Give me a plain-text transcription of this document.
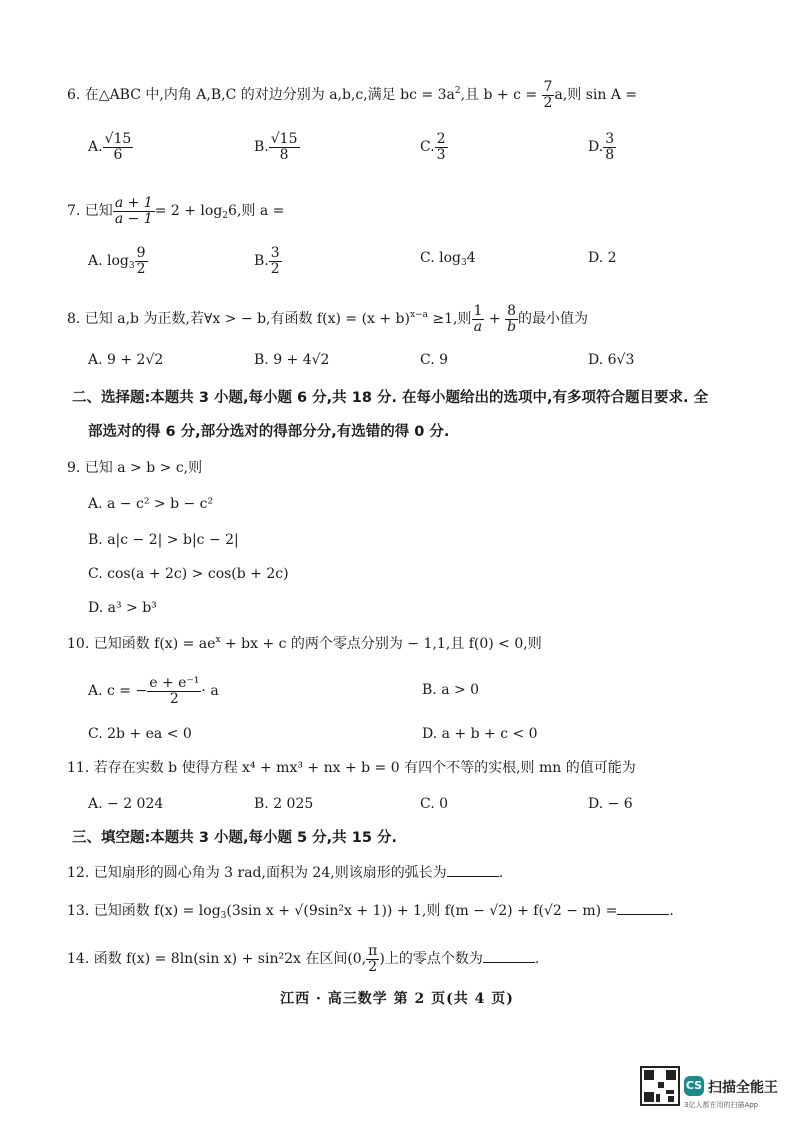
6. 在△ABC 中,内角 A,B,C 的对边分别为 a,b,c,满足 bc = $3a^2$,且 $b + c = \frac{7}{2} a$,则 sin A =
A. $\frac{√15}{6}$	B. $\frac{√15}{8}$	C. $\frac{2}{3}$	D. $\frac{3}{8}$
7. 已知 $\frac{a + 1}{a - 1} = 2 + \log_26$,则 a =
A. $\log_3 \frac{9}{2}$	B. $\frac{3}{2}$	C. $\log_34$	D. 2
8. 已知 a,b 为正数,若∀x > − b,有函数 $f(x) = (x + b)^{x-a} \ge 1$,则 $\frac{1}{a} + \frac{8}{b}$ 的最小值为
A. 9 + 2√2	B. 9 + 4√2	C. 9	D. 6√3
二、选择题:本题共 3 小题,每小题 6 分,共 18 分. 在每小题给出的选项中,有多项符合题目要求. 全
部选对的得 6 分,部分选对的得部分分,有选错的得 0 分.
9. 已知 a > b > c,则
A. a − c² > b − c²
B. a|c − 2| > b|c − 2|
C. cos(a + 2c) > cos(b + 2c)
D. a³ > b³
10. 已知函数 $f(x) = ae^x$ + bx + c 的两个零点分别为 − 1,1,且 f(0) < 0,则
A. c = − $\frac{\text{e + e⁻¹}}{2} \cdot a$	B. a > 0
C. 2b + ea < 0	D. a + b + c < 0
11. 若存在实数 b 使得方程 x⁴ + mx³ + nx + b = 0 有四个不等的实根,则 mn 的值可能为
A. − 2 024	B. 2 025	C. 0	D. − 6
三、填空题:本题共 3 小题,每小题 5 分,共 15 分.
12. 已知扇形的圆心角为 3 rad,面积为 24,则该扇形的弧长为	.
13. 已知函数 $f(x) = \log_3(3\sin$ x + √(9sin²x + 1)) + 1,则 f(m − √2) + f(√2 − m) =	.
14. 函数 f(x) = 8ln(sin x) + sin²2x 在区间(0, $\frac{\pi}{2}$ )上的零点个数为	.
江西 · 高三数学 第 2 页(共 4 页)
CS 扫描全能王
3亿人都在用的扫描App
